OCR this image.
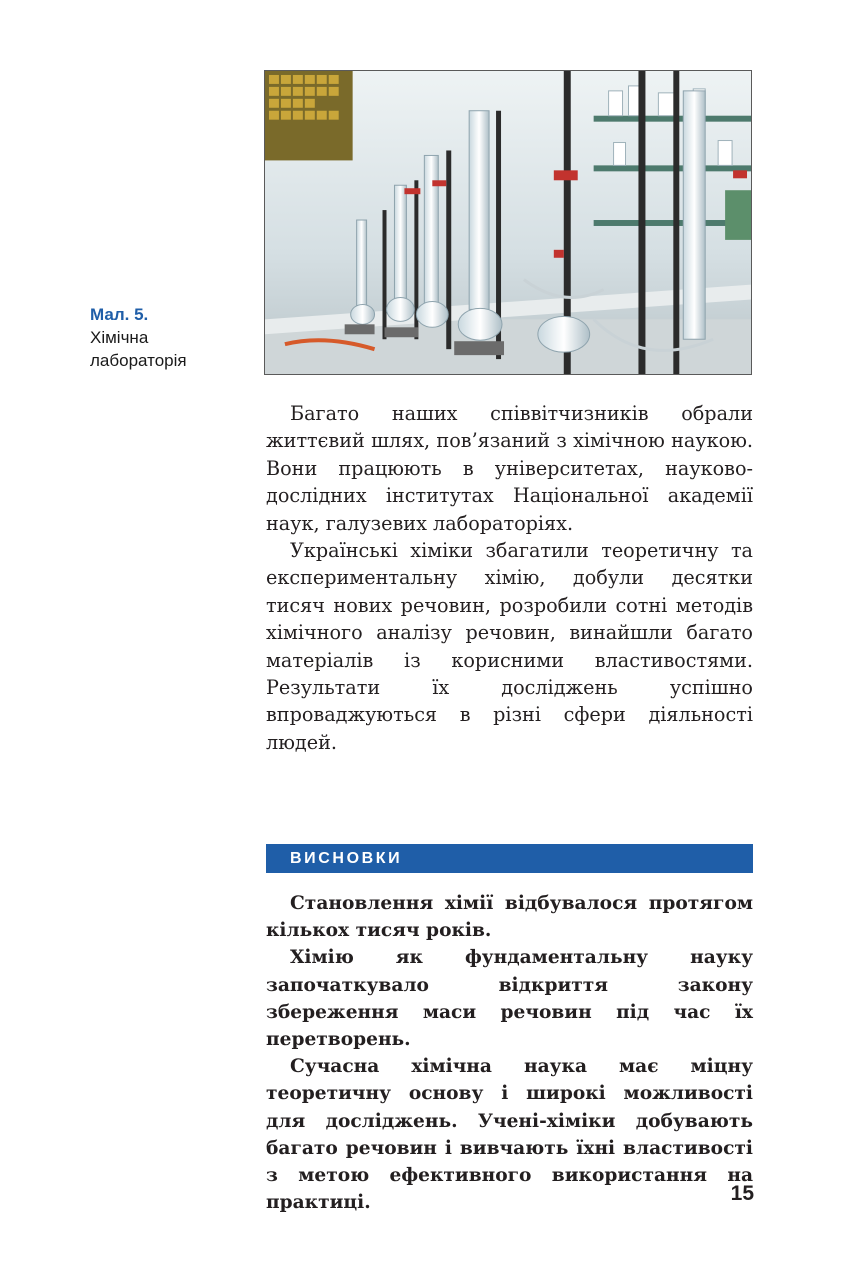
Мал. 5.
Хімічна
лабораторія

Багато наших співвітчизників обрали життєвий шлях, пов’язаний з хімічною наукою. Вони працюють в університетах, науково-дослідних інститутах Національної академії наук, галузевих лабораторіях.

Українські хіміки збагатили теоретичну та експериментальну хімію, добули десятки тисяч нових речовин, розробили сотні методів хімічного аналізу речовин, винайшли багато матеріалів із корисними властивостями. Результати їх досліджень успішно впроваджуються в різні сфери діяльності людей.

ВИСНОВКИ

Становлення хімії відбувалося протягом кількох тисяч років.

Хімію як фундаментальну науку започаткувало відкриття закону збереження маси речовин під час їх перетворень.

Сучасна хімічна наука має міцну теоретичну основу і широкі можливості для досліджень. Учені-хіміки добувають багато речовин і вивчають їхні властивості з метою ефективного використання на практиці.	15
